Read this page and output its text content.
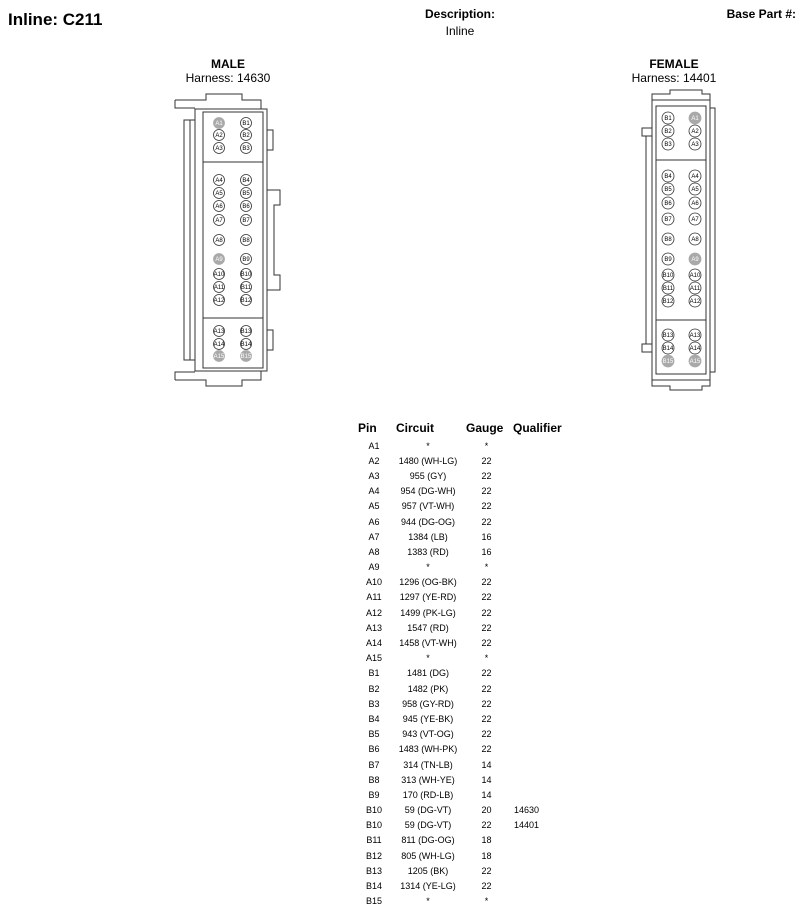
Inline: C211	Description:
Inline
Base Part #:
MALE
Harness: 14630
FEMALE
Harness: 14401
A1
A2
A3
A4
A5
A6
A7
A8
A9
A10
A11
A12
A13
A14
A15
B1
B2
B3
B4
B5
B6
B7
B8
B9
B10
B11
B12
B13
B14
B15
B1
B2
B3
B4
B5
B6
B7
B8
B9
B10
B11
B12
B13
B14
B15
A1
A2
A3
A4
A5
A6
A7
A8
A9
A10
A11
A12
A13
A14
A15
Pin	Circuit	Gauge	Qualifier
A1	*	*	
A2	1480 (WH-LG)	22	
A3	955 (GY)	22	
A4	954 (DG-WH)	22	
A5	957 (VT-WH)	22	
A6	944 (DG-OG)	22	
A7	1384 (LB)	16	
A8	1383 (RD)	16	
A9	*	*	
A10	1296 (OG-BK)	22	
A11	1297 (YE-RD)	22	
A12	1499 (PK-LG)	22	
A13	1547 (RD)	22	
A14	1458 (VT-WH)	22	
A15	*	*	
B1	1481 (DG)	22	
B2	1482 (PK)	22	
B3	958 (GY-RD)	22	
B4	945 (YE-BK)	22	
B5	943 (VT-OG)	22	
B6	1483 (WH-PK)	22	
B7	314 (TN-LB)	14	
B8	313 (WH-YE)	14	
B9	170 (RD-LB)	14	
B10	59 (DG-VT)	20	14630
B10	59 (DG-VT)	22	14401
B11	811 (DG-OG)	18	
B12	805 (WH-LG)	18	
B13	1205 (BK)	22	
B14	1314 (YE-LG)	22	
B15	*	*	
